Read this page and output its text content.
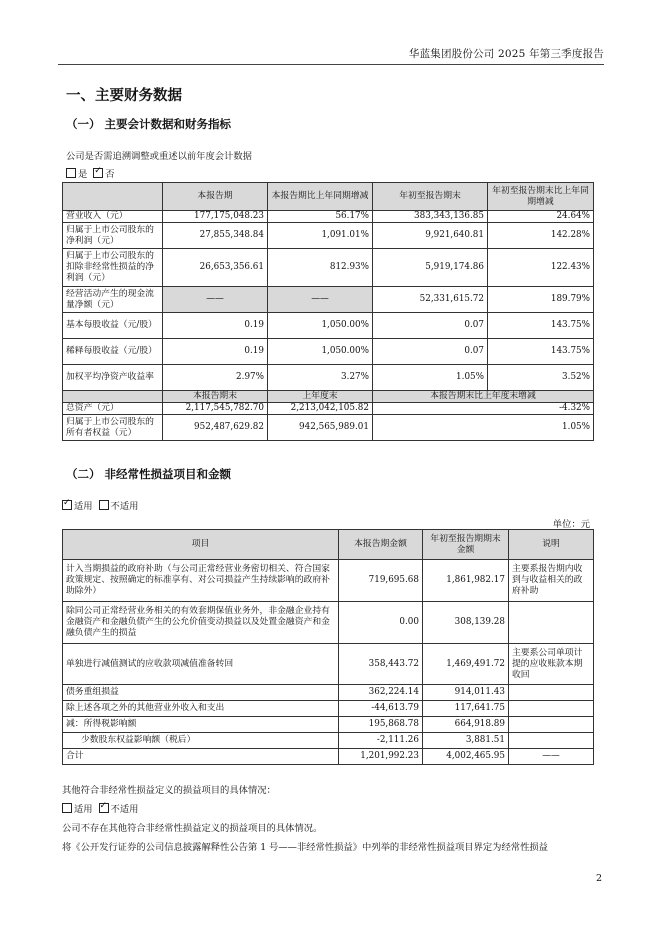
华蓝集团股份公司 2025 年第三季度报告
一、主要财务数据
（一） 主要会计数据和财务指标
公司是否需追溯调整或重述以前年度会计数据
是 ✓ 否
	本报告期	本报告期比上年同期增减	年初至报告期末	年初至报告期末比上年同期增减
营业收入（元）	177,175,048.23	56.17%	383,343,136.85	24.64%
归属于上市公司股东的净利润（元）	27,855,348.84	1,091.01%	9,921,640.81	142.28%
归属于上市公司股东的扣除非经常性损益的净利润（元）	26,653,356.61	812.93%	5,919,174.86	122.43%
经营活动产生的现金流量净额（元）	——	——	52,331,615.72	189.79%
基本每股收益（元/股）	0.19	1,050.00%	0.07	143.75%
稀释每股收益（元/股）	0.19	1,050.00%	0.07	143.75%
加权平均净资产收益率	2.97%	3.27%	1.05%	3.52%
	本报告期末	上年度末	本报告期末比上年度末增减	
总资产（元）	2,117,545,782.70	2,213,042,105.82	-4.32%	
归属于上市公司股东的所有者权益（元）	952,487,629.82	942,565,989.01	1.05%	
（二） 非经常性损益项目和金额
✓适用 不适用
单位：元
项目	本报告期金额	年初至报告期期末金额	说明
计入当期损益的政府补助（与公司正常经营业务密切相关、符合国家政策规定、按照确定的标准享有、对公司损益产生持续影响的政府补助除外）	719,695.68	1,861,982.17	主要系报告期内收到与收益相关的政府补助
除同公司正常经营业务相关的有效套期保值业务外，非金融企业持有金融资产和金融负债产生的公允价值变动损益以及处置金融资产和金融负债产生的损益	0.00	308,139.28	
单独进行减值测试的应收款项减值准备转回	358,443.72	1,469,491.72	主要系公司单项计提的应收账款本期收回
债务重组损益	362,224.14	914,011.43	
除上述各项之外的其他营业外收入和支出	-44,613.79	117,641.75	
减：所得税影响额	195,868.78	664,918.89	
少数股东权益影响额（税后）	-2,111.26	3,881.51	
合计	1,201,992.23	4,002,465.95	——
其他符合非经常性损益定义的损益项目的具体情况：
适用 ✓ 不适用
公司不存在其他符合非经常性损益定义的损益项目的具体情况。
将《公开发行证券的公司信息披露解释性公告第 1 号——非经常性损益》中列举的非经常性损益项目界定为经常性损益
2
